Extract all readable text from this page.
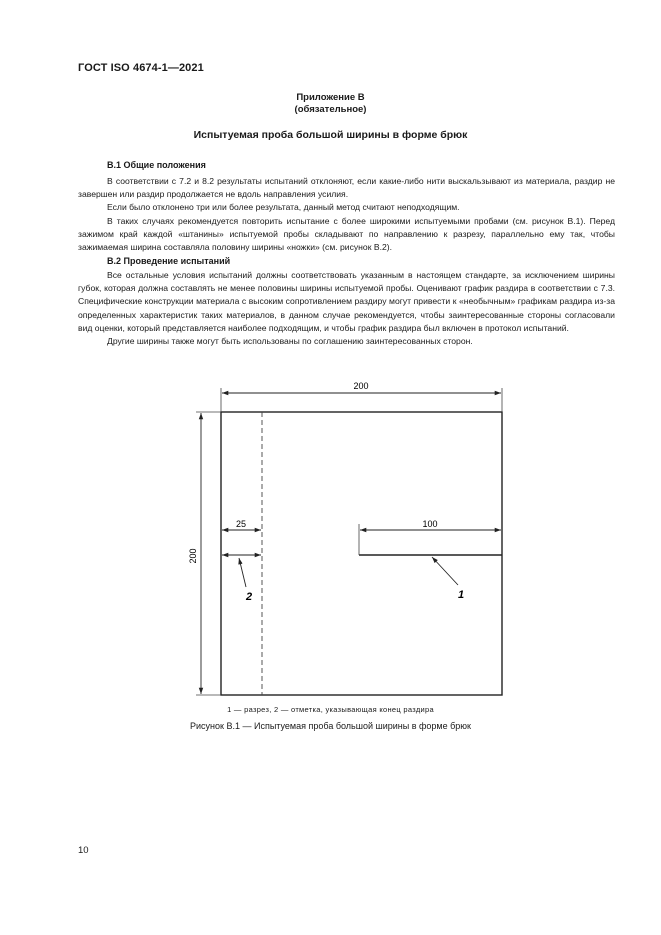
ГОСТ ISO 4674-1—2021
Приложение В
(обязательное)
Испытуемая проба большой ширины в форме брюк
В.1 Общие положения

В соответствии с 7.2 и 8.2 результаты испытаний отклоняют, если какие-либо нити выскальзывают из материала, раздир не завершен или раздир продолжается не вдоль направления усилия.

Если было отклонено три или более результата, данный метод считают неподходящим.

В таких случаях рекомендуется повторить испытание с более широкими испытуемыми пробами (см. рисунок В.1). Перед зажимом край каждой «штанины» испытуемой пробы складывают по направлению к разрезу, параллельно ему так, чтобы зажимаемая ширина составляла половину ширины «ножки» (см. рисунок В.2).

В.2 Проведение испытаний

Все остальные условия испытаний должны соответствовать указанным в настоящем стандарте, за исключением ширины губок, которая должна составлять не менее половины ширины испытуемой пробы. Оценивают график раздира в соответствии с 7.3. Специфические конструкции материала с высоким сопротивлением раздиру могут привести к «необычным» графикам раздира из-за определенных характеристик таких материалов, в данном случае рекомендуется, чтобы заинтересованные стороны согласовали вид оценки, который представляется наиболее подходящим, и чтобы график раздира был включен в протокол испытаний.

Другие ширины также могут быть использованы по соглашению заинтересованных сторон.

200
200
100
25
1
2
1 — разрез, 2 — отметка, указывающая конец раздира
Рисунок В.1 — Испытуемая проба большой ширины в форме брюк
10
